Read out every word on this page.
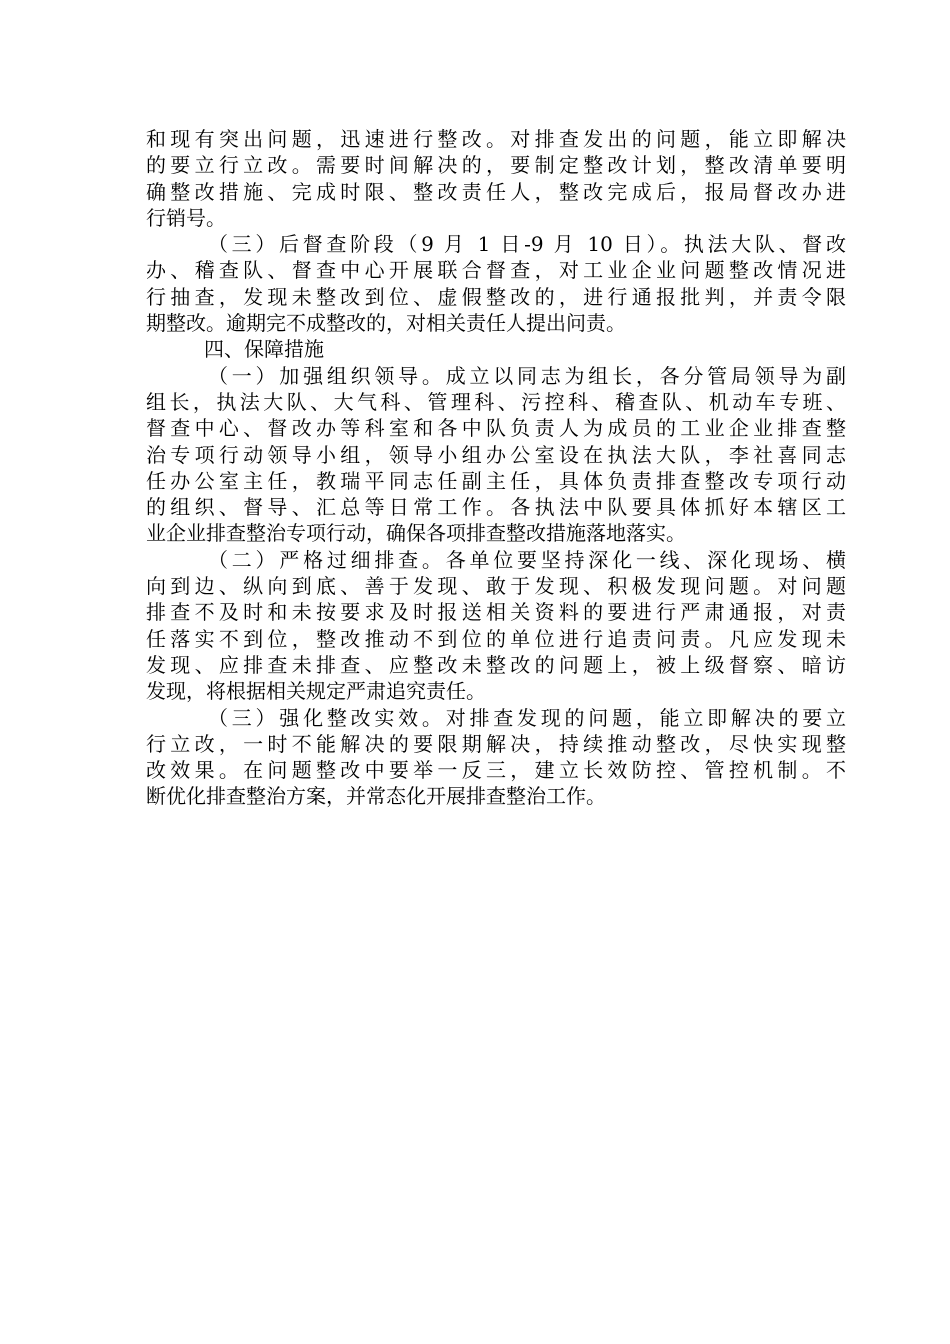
和现有突出问题，迅速进行整改。对排查发出的问题，能立即解决
的要立行立改。需要时间解决的，要制定整改计划，整改清单要明
确整改措施、完成时限、整改责任人，整改完成后，报局督改办进
行销号。
（三）后督查阶段（9 月 1 日-9 月 10 日）。执法大队、督改
办、稽查队、督查中心开展联合督查，对工业企业问题整改情况进
行抽查，发现未整改到位、虚假整改的，进行通报批判，并责令限
期整改。逾期完不成整改的，对相关责任人提出问责。
四、保障措施
（一）加强组织领导。成立以同志为组长，各分管局领导为副
组长，执法大队、大气科、管理科、污控科、稽查队、机动车专班、
督查中心、督改办等科室和各中队负责人为成员的工业企业排查整
治专项行动领导小组，领导小组办公室设在执法大队，李社喜同志
任办公室主任，教瑞平同志任副主任，具体负责排查整改专项行动
的组织、督导、汇总等日常工作。各执法中队要具体抓好本辖区工
业企业排查整治专项行动，确保各项排查整改措施落地落实。
（二）严格过细排查。各单位要坚持深化一线、深化现场、横
向到边、纵向到底、善于发现、敢于发现、积极发现问题。对问题
排查不及时和未按要求及时报送相关资料的要进行严肃通报，对责
任落实不到位，整改推动不到位的单位进行追责问责。凡应发现未
发现、应排查未排查、应整改未整改的问题上，被上级督察、暗访
发现，将根据相关规定严肃追究责任。
（三）强化整改实效。对排查发现的问题，能立即解决的要立
行立改，一时不能解决的要限期解决，持续推动整改，尽快实现整
改效果。在问题整改中要举一反三，建立长效防控、管控机制。不
断优化排查整治方案，并常态化开展排查整治工作。
